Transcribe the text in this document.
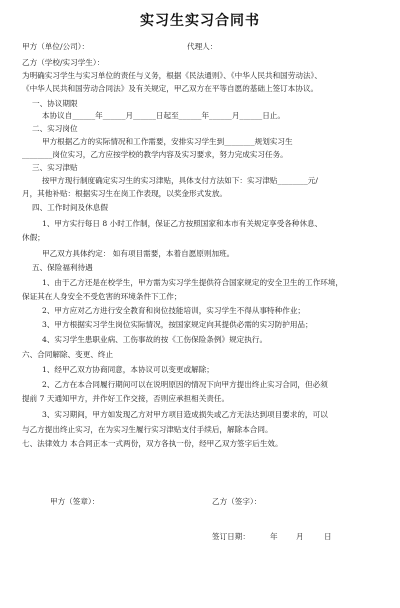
实习生实习合同书
甲方（单位/公司）：	代理人：
乙方（学校/实习学生）：
为明确实习学生与实习单位的责任与义务，根据《民法通则》、《中华人民共和国劳动法》、
《中华人民共和国劳动合同法》及有关规定，甲乙双方在平等自愿的基础上签订本协议。
一、协议期限
本协议自______年______月______日起至______年______月______日止。
二、实习岗位
甲方根据乙方的实际情况和工作需要，安排实习学生到________规划实习生
________岗位实习，乙方应按学校的教学内容及实习要求，努力完成实习任务。
三、实习津贴
按甲方现行制度确定实习生的实习津贴，具体支付方法如下：实习津贴________元/
月，其他补贴：根据实习生在岗工作表现，以奖金形式发放。
四、工作时间及休息假
1、甲方实行每日 8 小时工作制，保证乙方按照国家和本市有关规定享受各种休息、
休假；
甲乙双方具体约定： 如有项目需要，本着自愿原则加班。
五、保险福利待遇
1、由于乙方还是在校学生，甲方需为实习学生提供符合国家规定的安全卫生的工作环境，
保证其在人身安全不受危害的环境条件下工作；
2、甲方应对乙方进行安全教育和岗位技能培训，实习学生不得从事特种作业；
3、甲方根据实习学生岗位实际情况，按国家规定向其提供必需的实习防护用品；
4、实习学生患职业病、工伤事故的按《工伤保险条例》规定执行。
六、合同解除、变更、终止
1、经甲乙双方协商同意，本协议可以变更或解除；
2、乙方在本合同履行期间可以在说明原因的情况下向甲方提出终止实习合同，但必须
提前 7 天通知甲方，并作好工作交接，否则应承担相关责任。
3、实习期间，甲方如发现乙方对甲方项目造成损失或乙方无法达到项目要求的，可以
与乙方提出终止实习，在为实习生履行实习津贴支付手续后，解除本合同。
七、法律效力 本合同正本一式两份，双方各执一份，经甲乙双方签字后生效。
甲方（签章）：	乙方（签字）：
签订日期：	年 月	日
